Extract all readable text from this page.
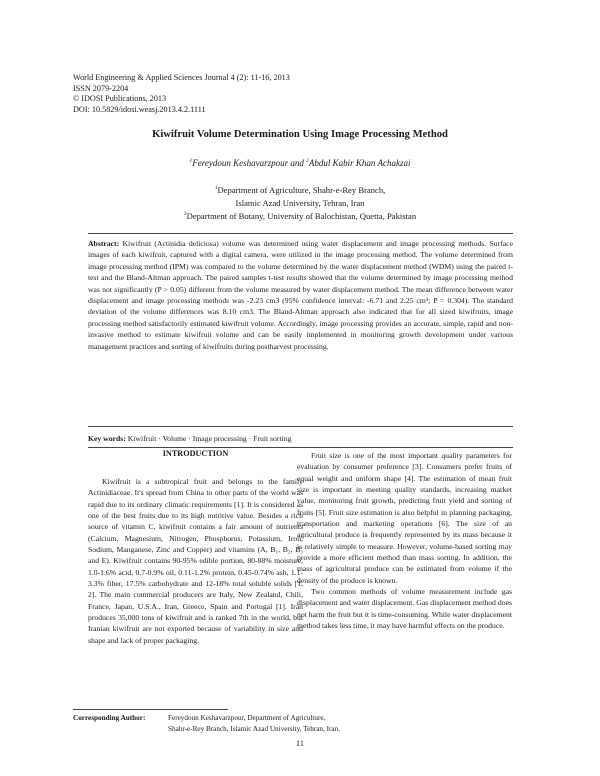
World Engineering & Applied Sciences Journal 4 (2): 11-16, 2013
ISSN 2079-2204
© IDOSI Publications, 2013
DOI: 10.5829/idosi.weasj.2013.4.2.1111
Kiwifruit Volume Determination Using Image Processing Method
$^1$Fereydoun Keshavarzpour and $^2$Abdul Kabir Khan Achakzai
$^1$Department of Agriculture, Shahr-e-Rey Branch,
Islamic Azad University, Tehran, Iran
$^2$Department of Botany, University of Balochistan, Quetta, Pakistan
Abstract: Kiwifruit (Actinidia deliciosa) volume was determined using water displacement and image processing methods. Surface images of each kiwifruit, captured with a digital camera, were utilized in the image processing method. The volume determined from image processing method (IPM) was compared to the volume determined by the water displacement method (WDM) using the paired t-test and the Bland-Altman approach. The paired samples t-test results showed that the volume determined by image processing method was not significantly (P > 0.05) different from the volume measured by water displacement method. The mean difference between water displacement and image processing methods was -2.23 cm3 (95% confidence interval: -6.71 and 2.25 cm³; P = 0.304). The standard deviation of the volume differences was 8.10 cm3. The Bland-Altman approach also indicated that for all sized kiwifruits, image processing method satisfactorily estimated kiwifruit volume. Accordingly, image processing provides an accurate, simple, rapid and non-invasive method to estimate kiwifruit volume and can be easily implemented in monitoring growth development under various management practices and sorting of kiwifruits during postharvest processing.
Key words: Kiwifruit · Volume · Image processing · Fruit sorting
INTRODUCTION
Kiwifruit is a subtropical fruit and belongs to the family Actinidiaceae. It's spread from China to other parts of the world was rapid due to its ordinary climatic requirements [1]. It is considered as one of the best fruits due to its high nutritive value. Besides a rich source of vitamin C, kiwifruit contains a fair amount of nutrients (Calcium, Magnesium, Nitrogen, Phosphorus, Potassium, Iron, Sodium, Manganese, Zinc and Copper) and vitamins (A, B₁, B₂, B₃ and E). Kiwifruit contains 90-95% edible portion, 80-88% moisture, 1.0-1.6% acid, 0.7-0.9% oil, 0.11-1.2% protein, 0.45-0.74% ash, 1.1-3.3% fiber, 17.5% carbohydrate and 12-18% total soluble solids [1, 2]. The main commercial producers are Italy, New Zealand, Chili, France, Japan, U.S.A., Iran, Greece, Spain and Portugal [1]. Iran produces 35,000 tons of kiwifruit and is ranked 7th in the world, but Iranian kiwifruit are not exported because of variability in size and shape and lack of proper packaging.
Fruit size is one of the most important quality parameters for evaluation by consumer preference [3]. Consumers prefer fruits of equal weight and uniform shape [4]. The estimation of mean fruit size is important in meeting quality standards, increasing market value, monitoring fruit growth, predicting fruit yield and sorting of fruits [5]. Fruit size estimation is also helpful in planning packaging, transportation and marketing operations [6]. The size of an agricultural produce is frequently represented by its mass because it is relatively simple to measure. However, volume-based sorting may provide a more efficient method than mass sorting. In addition, the mass of agricultural produce can be estimated from volume if the density of the produce is known.
Two common methods of volume measurement include gas displacement and water displacement. Gas displacement method does not harm the fruit but it is time-consuming. While water displacement method takes less time, it may have harmful effects on the produce.
Corresponding Author:	Fereydoun Keshavarzpour, Department of Agriculture,
Shahr-e-Rey Branch, Islamic Azad University, Tehran, Iran.
11
